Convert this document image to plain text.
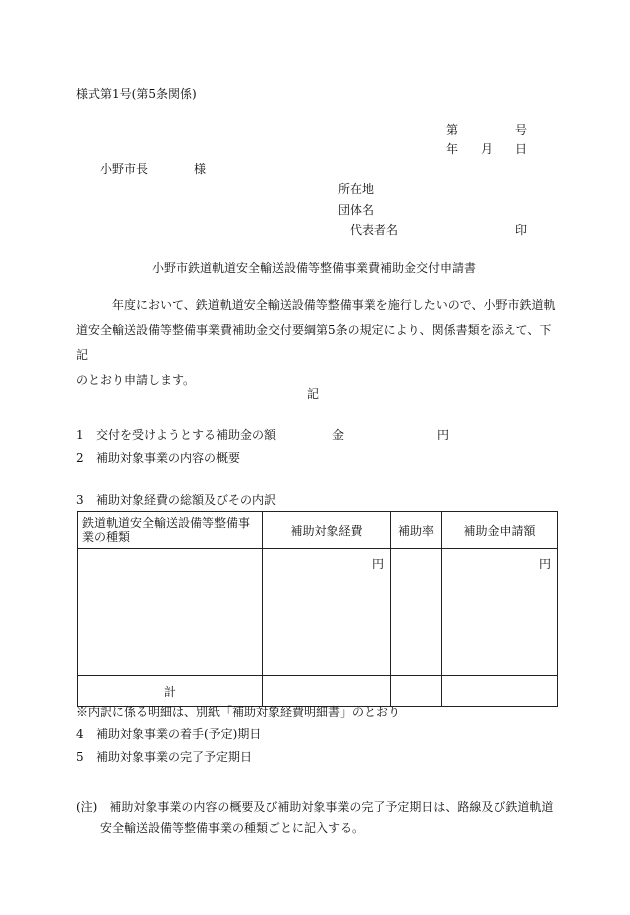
様式第1号(第5条関係)
第	号
年 月 日
小野市長	様
所在地
団体名
代表者名	印
小野市鉄道軌道安全輸送設備等整備事業費補助金交付申請書
年度において、鉄道軌道安全輸送設備等整備事業を施行したいので、小野市鉄道軌
道安全輸送設備等整備事業費補助金交付要綱第5条の規定により、関係書類を添えて、下記
のとおり申請します。
記
1 交付を受けようとする補助金の額	金	円
2 補助対象事業の内容の概要
3 補助対象経費の総額及びその内訳
鉄道軌道安全輸送設備等整備事業の種類	補助対象経費	補助率	補助金申請額
	円		円
計			
※内訳に係る明細は、別紙「補助対象経費明細書」のとおり
4 補助対象事業の着手(予定)期日
5 補助対象事業の完了予定期日
(注)　 補助対象事業の内容の概要及び補助対象事業の完了予定期日は、路線及び鉄道軌道
安全輸送設備等整備事業の種類ごとに記入する。
